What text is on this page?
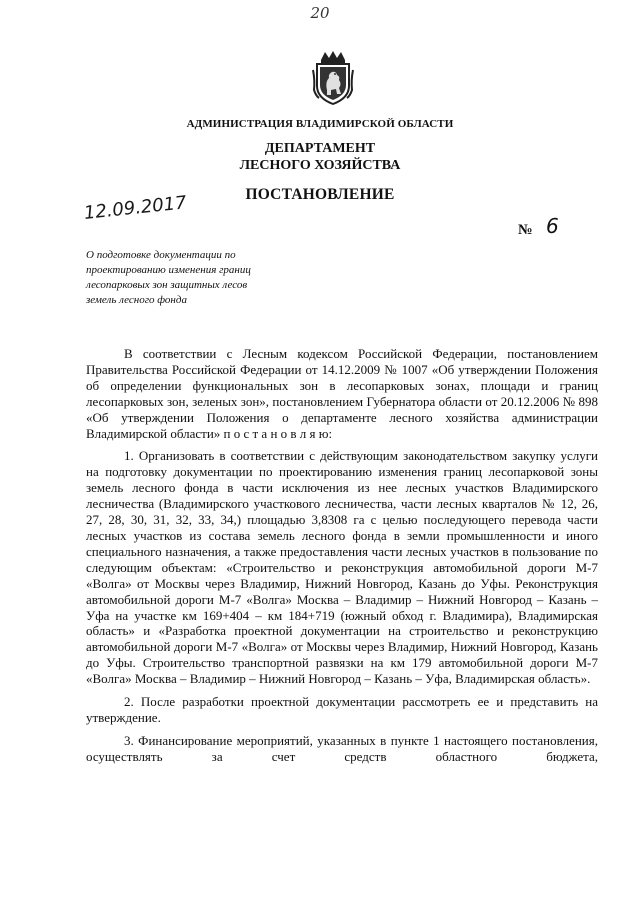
20
АДМИНИСТРАЦИЯ ВЛАДИМИРСКОЙ ОБЛАСТИ
ДЕПАРТАМЕНТ
ЛЕСНОГО ХОЗЯЙСТВА
ПОСТАНОВЛЕНИЕ
12.09.2017
№ 6
О подготовке документации по
проектированию изменения границ
лесопарковых зон защитных лесов
земель лесного фонда

В соответствии с Лесным кодексом Российской Федерации, постановлением Правительства Российской Федерации от 14.12.2009 № 1007 «Об утверждении Положения об определении функциональных зон в лесопарковых зонах, площади и границ лесопарковых зон, зеленых зон», постановлением Губернатора области от 20.12.2006 № 898 «Об утверждении Положения о департаменте лесного хозяйства администрации Владимирской области» п о с т а н о в л я ю:

1. Организовать в соответствии с действующим законодательством закупку услуги на подготовку документации по проектированию изменения границ лесопарковой зоны земель лесного фонда в части исключения из нее лесных участков Владимирского лесничества (Владимирского участкового лесничества, части лесных кварталов № 12, 26, 27, 28, 30, 31, 32, 33, 34,) площадью 3,8308 га с целью последующего перевода части лесных участков из состава земель лесного фонда в земли промышленности и иного специального назначения, а также предоставления части лесных участков в пользование по следующим объектам: «Строительство и реконструкция автомобильной дороги М-7 «Волга» от Москвы через Владимир, Нижний Новгород, Казань до Уфы. Реконструкция автомобильной дороги М-7 «Волга» Москва – Владимир – Нижний Новгород – Казань – Уфа на участке км 169+404 – км 184+719 (южный обход г. Владимира), Владимирская область» и «Разработка проектной документации на строительство и реконструкцию автомобильной дороги М-7 «Волга» от Москвы через Владимир, Нижний Новгород, Казань до Уфы. Строительство транспортной развязки на км 179 автомобильной дороги М-7 «Волга» Москва – Владимир – Нижний Новгород – Казань – Уфа, Владимирская область».

2. После разработки проектной документации рассмотреть ее и представить на утверждение.

3. Финансирование мероприятий, указанных в пункте 1 настоящего постановления, осуществлять за счет средств областного бюджета,
